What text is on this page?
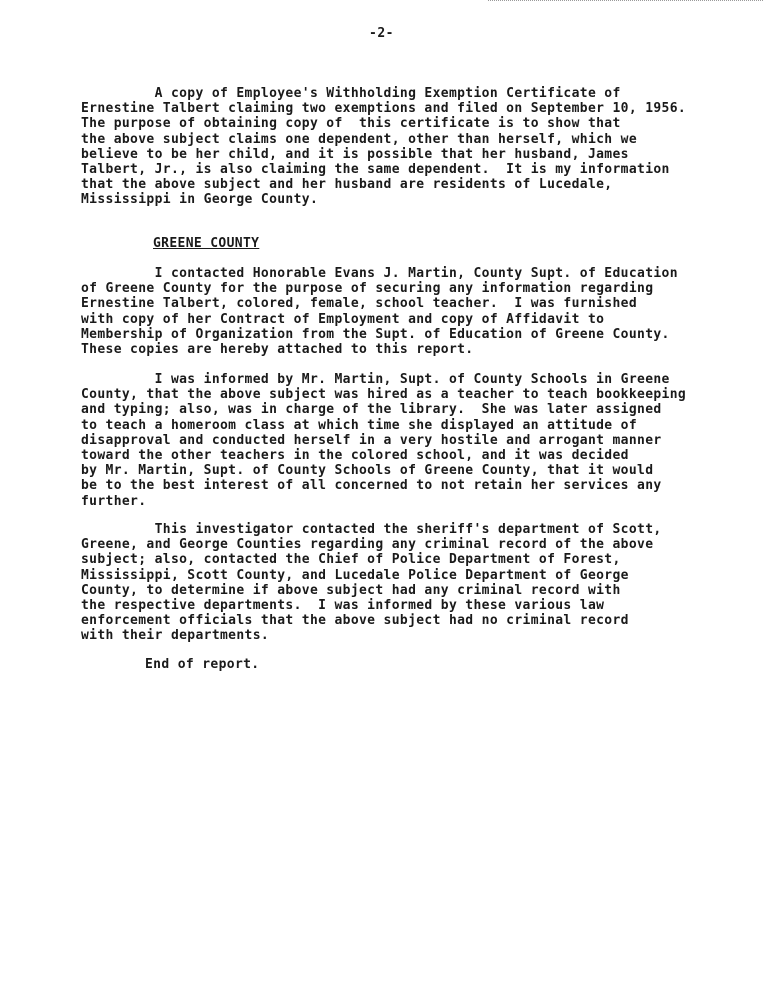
-2-

A copy of Employee's Withholding Exemption Certificate of
Ernestine Talbert claiming two exemptions and filed on September 10, 1956.
The purpose of obtaining copy of  this certificate is to show that
the above subject claims one dependent, other than herself, which we
believe to be her child, and it is possible that her husband, James
Talbert, Jr., is also claiming the same dependent.  It is my information
that the above subject and her husband are residents of Lucedale,
Mississippi in George County.

GREENE COUNTY

I contacted Honorable Evans J. Martin, County Supt. of Education
of Greene County for the purpose of securing any information regarding
Ernestine Talbert, colored, female, school teacher.  I was furnished
with copy of her Contract of Employment and copy of Affidavit to
Membership of Organization from the Supt. of Education of Greene County.
These copies are hereby attached to this report.

I was informed by Mr. Martin, Supt. of County Schools in Greene
County, that the above subject was hired as a teacher to teach bookkeeping
and typing; also, was in charge of the library.  She was later assigned
to teach a homeroom class at which time she displayed an attitude of
disapproval and conducted herself in a very hostile and arrogant manner
toward the other teachers in the colored school, and it was decided
by Mr. Martin, Supt. of County Schools of Greene County, that it would
be to the best interest of all concerned to not retain her services any
further.

This investigator contacted the sheriff's department of Scott,
Greene, and George Counties regarding any criminal record of the above
subject; also, contacted the Chief of Police Department of Forest,
Mississippi, Scott County, and Lucedale Police Department of George
County, to determine if above subject had any criminal record with
the respective departments.  I was informed by these various law
enforcement officials that the above subject had no criminal record
with their departments.

End of report.
